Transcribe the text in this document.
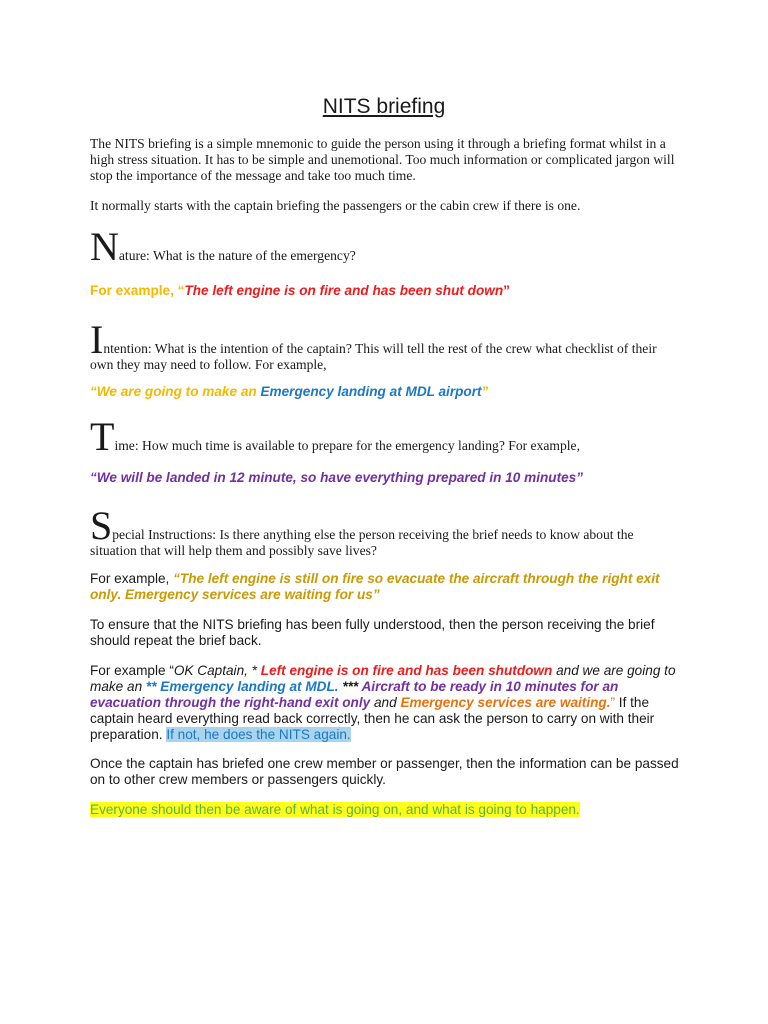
NITS briefing

The NITS briefing is a simple mnemonic to guide the person using it through a briefing format whilst in a high stress situation. It has to be simple and unemotional. Too much information or complicated jargon will stop the importance of the message and take too much time.

It normally starts with the captain briefing the passengers or the cabin crew if there is one.

Nature: What is the nature of the emergency?

For example, “The left engine is on fire and has been shut down”

Intention: What is the intention of the captain? This will tell the rest of the crew what checklist of their own they may need to follow. For example,

“We are going to make an Emergency landing at MDL airport”

Time: How much time is available to prepare for the emergency landing? For example,

“We will be landed in 12 minute, so have everything prepared in 10 minutes”

Special Instructions: Is there anything else the person receiving the brief needs to know about the situation that will help them and possibly save lives?

For example, “The left engine is still on fire so evacuate the aircraft through the right exit only. Emergency services are waiting for us”

To ensure that the NITS briefing has been fully understood, then the person receiving the brief should repeat the brief back.

For example “OK Captain, * Left engine is on fire and has been shutdown and we are going to make an ** Emergency landing at MDL. *** Aircraft to be ready in 10 minutes for an evacuation through the right-hand exit only and Emergency services are waiting.” If the captain heard everything read back correctly, then he can ask the person to carry on with their preparation. If not, he does the NITS again.

Once the captain has briefed one crew member or passenger, then the information can be passed on to other crew members or passengers quickly.

Everyone should then be aware of what is going on, and what is going to happen.
